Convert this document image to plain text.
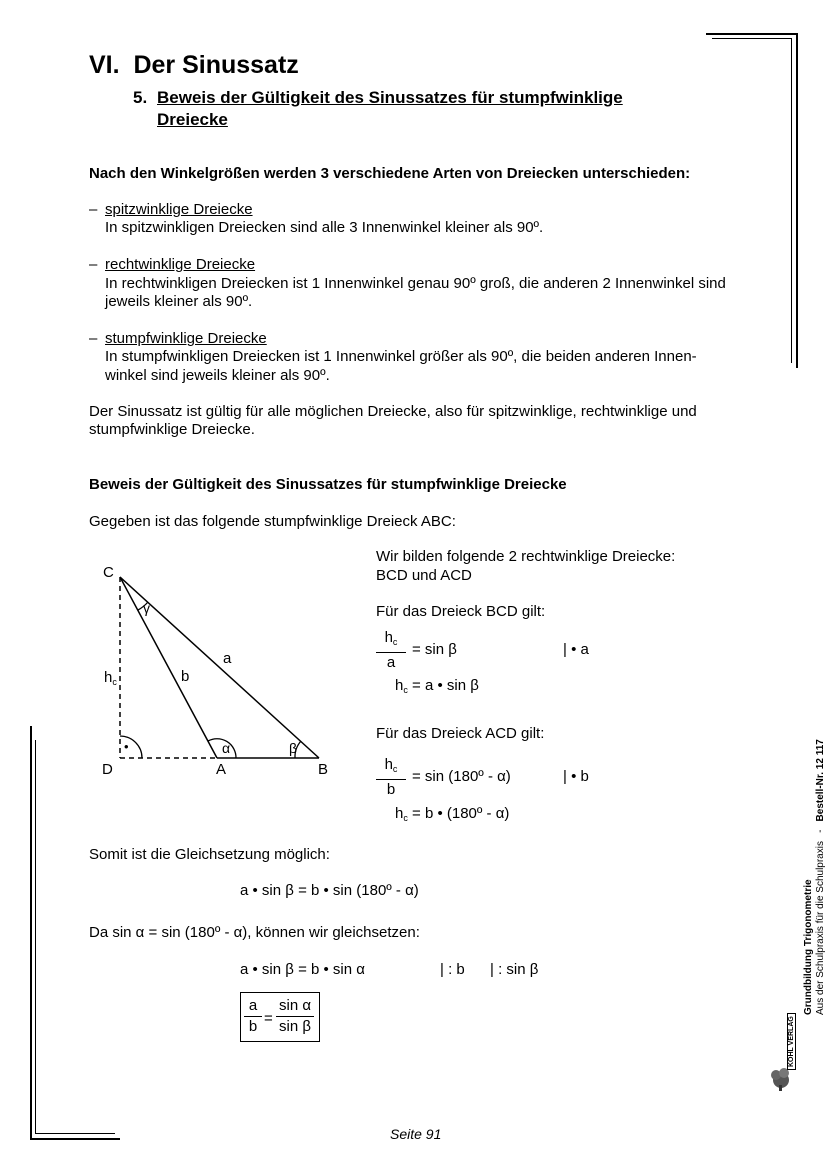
VI.  Der Sinussatz
5. Beweis der Gültigkeit des Sinussatzes für stumpfwinklige
Dreiecke
Nach den Winkelgrößen werden 3 verschiedene Arten von Dreiecken unterschieden:
– spitzwinklige Dreiecke
In spitzwinkligen Dreiecken sind alle 3 Innenwinkel kleiner als 90º.
– rechtwinklige Dreiecke
In rechtwinkligen Dreiecken ist 1 Innenwinkel genau 90º groß, die anderen 2 Innenwinkel sind
jeweils kleiner als 90º.
– stumpfwinklige Dreiecke
In stumpfwinkligen Dreiecken ist 1 Innenwinkel größer als 90º, die beiden anderen Innen-
winkel sind jeweils kleiner als 90º.
Der Sinussatz ist gültig für alle möglichen Dreiecke, also für spitzwinklige, rechtwinklige und
stumpfwinklige Dreiecke.
Beweis der Gültigkeit des Sinussatzes für stumpfwinklige Dreiecke
Gegeben ist das folgende stumpfwinklige Dreieck ABC:
C
D	A	B
a
b
$h_c$
γ
α	β
•
Wir bilden folgende 2 rechtwinklige Dreiecke:
BCD und ACD
Für das Dreieck BCD gilt:
$h_c$
a
= sin β	| • a
$h_c = a$ • sin β
Für das Dreieck ACD gilt:
$h_c$
b
= sin (180º - α)	| • b
$h_c = b$ • (180º - α)
Somit ist die Gleichsetzung möglich:
a • sin β = b • sin (180º - α)
Da sin α = sin (180º - α), können wir gleichsetzen:
a • sin β = b • sin α	| : b | : sin β
a
b =
sin α
sin β
Grundbildung Trigonometrie Aus der Schulpraxis für die Schulpraxis - Bestell-Nr. 12 117
KOHL VERLAG
Seite 91
